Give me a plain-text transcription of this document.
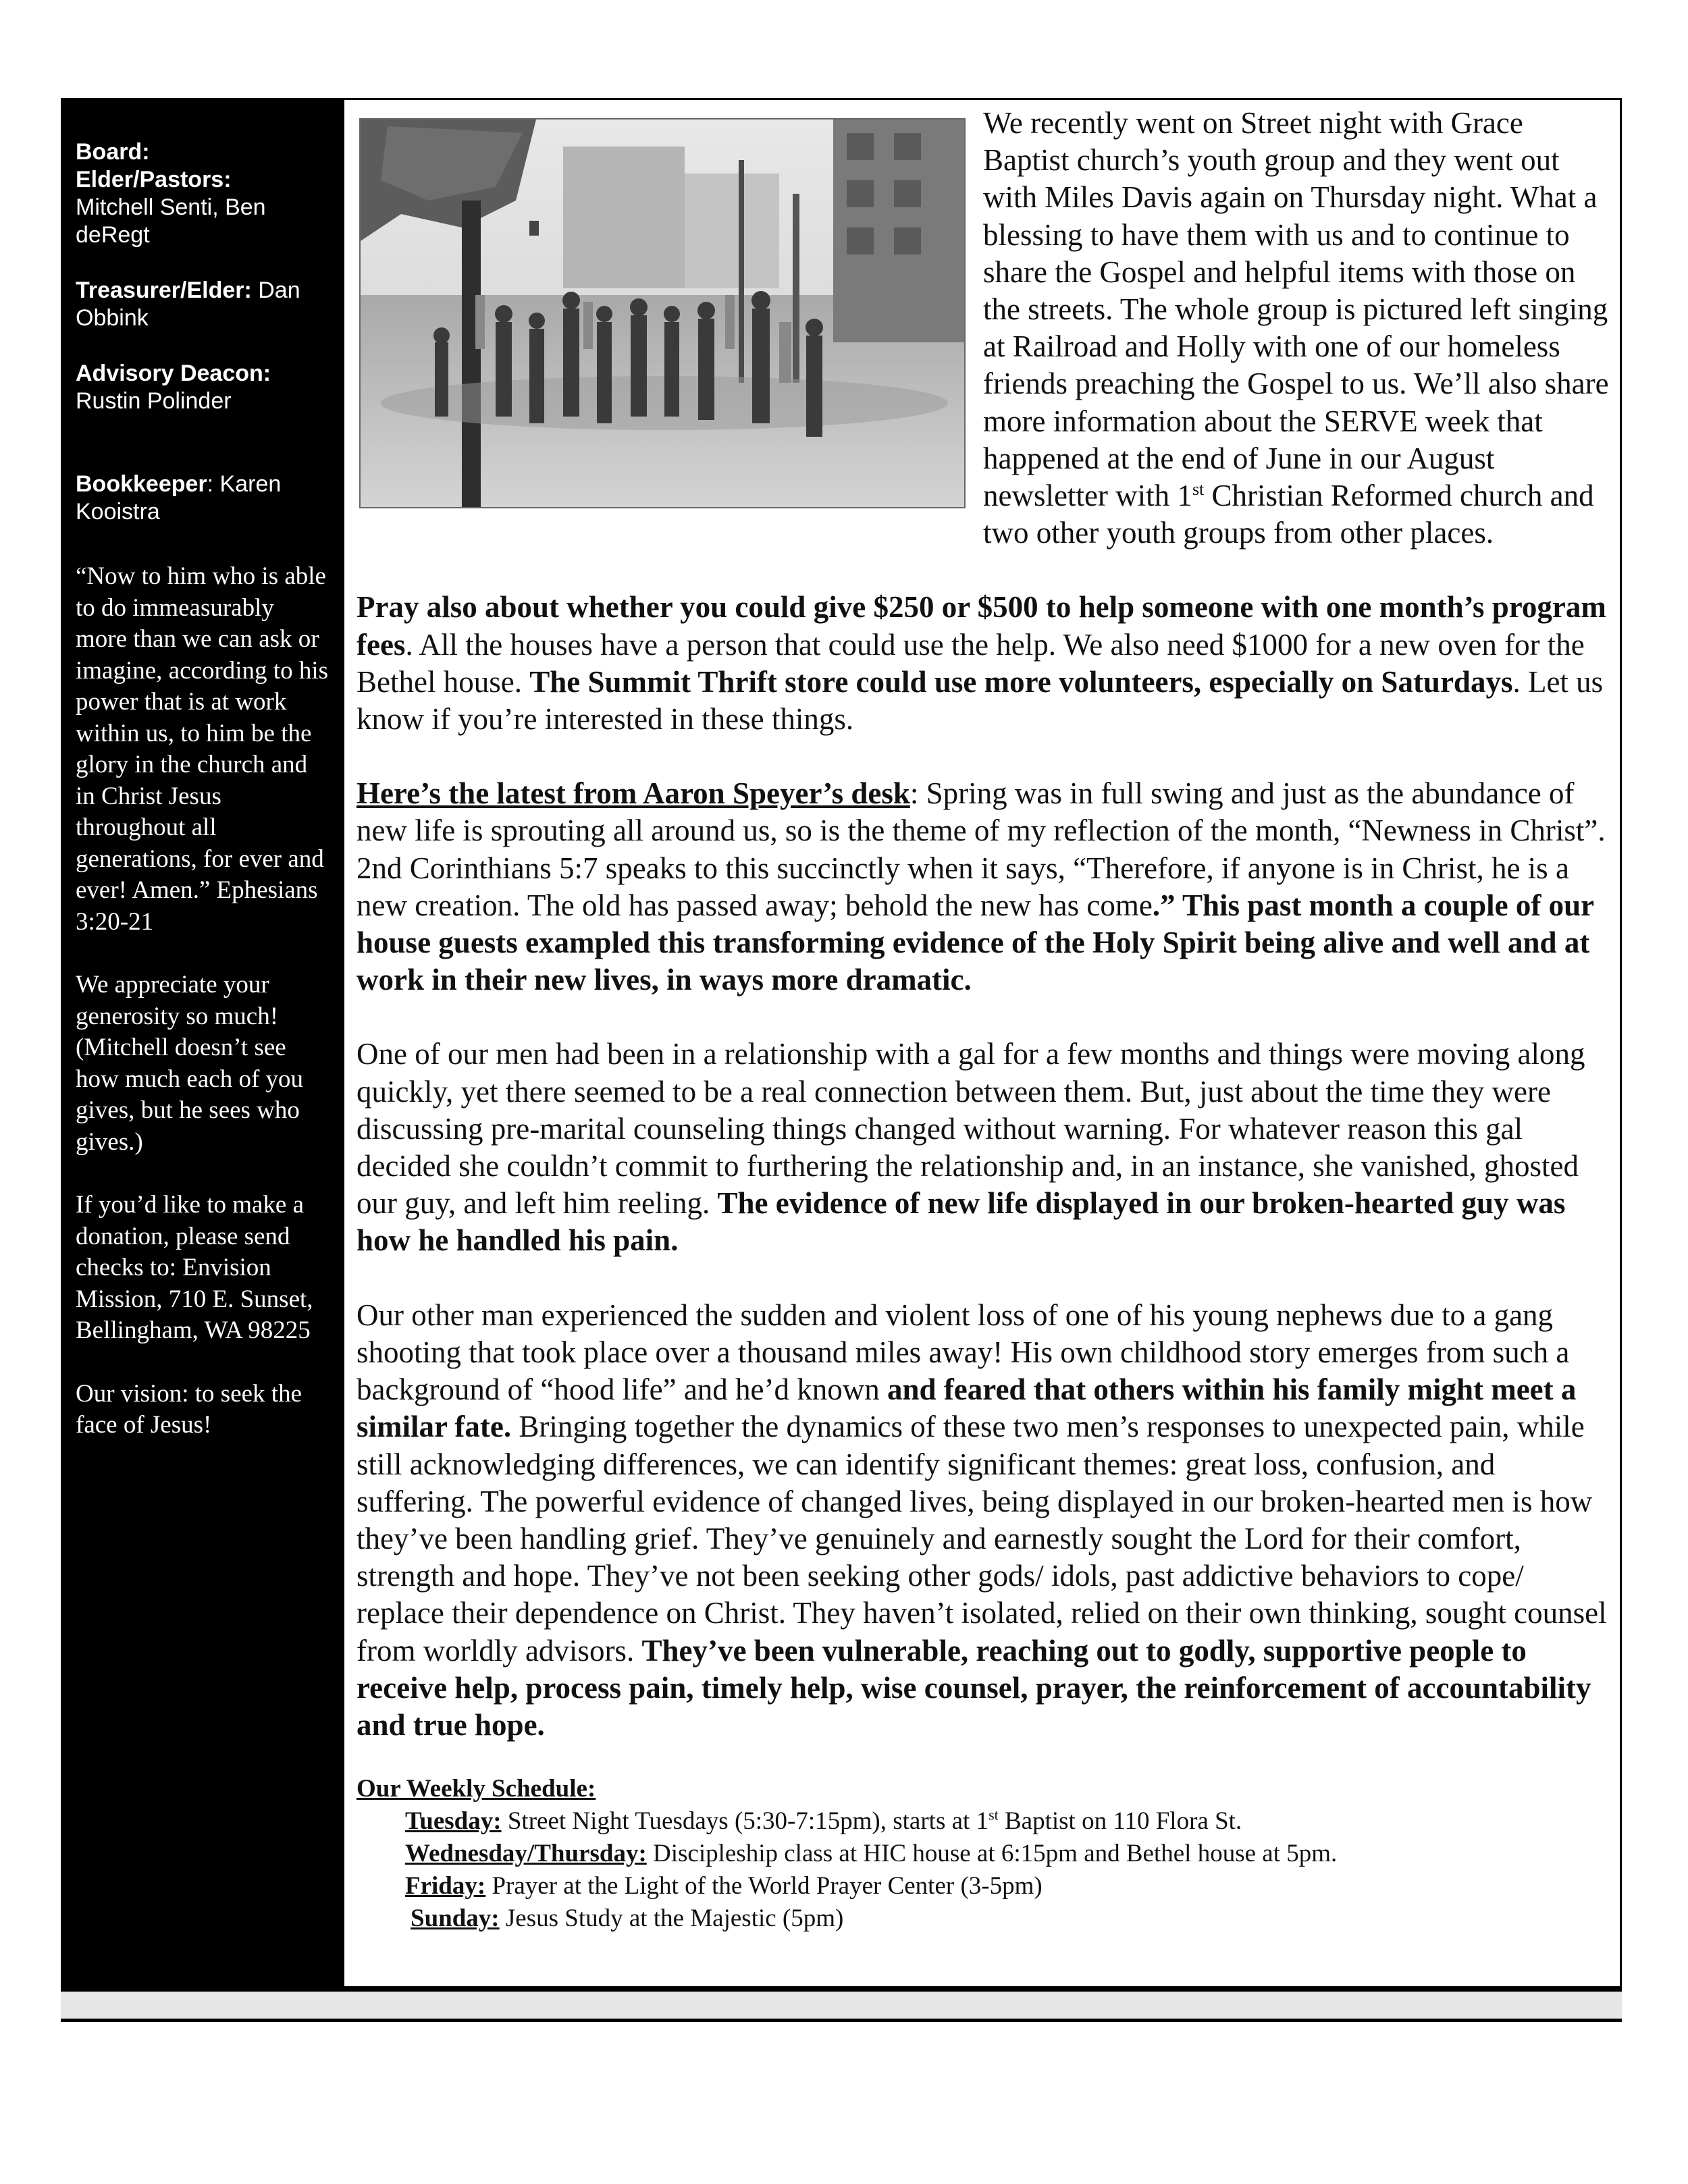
Board:
Elder/Pastors:
Mitchell Senti, Ben deRegt

Treasurer/Elder: Dan Obbink

Advisory Deacon:
Rustin Polinder

Bookkeeper: Karen Kooistra

“Now to him who is able to do immeasurably more than we can ask or imagine, according to his power that is at work within us, to him be the glory in the church and in Christ Jesus throughout all generations, for ever and ever! Amen.” Ephesians 3:20-21

We appreciate your generosity so much! (Mitchell doesn’t see how much each of you gives, but he sees who gives.)

If you’d like to make a donation, please send checks to: Envision Mission, 710 E. Sunset, Bellingham, WA 98225

Our vision: to seek the face of Jesus!

We recently went on Street night with Grace Baptist church’s youth group and they went out with Miles Davis again on Thursday night. What a blessing to have them with us and to continue to share the Gospel and helpful items with those on the streets. The whole group is pictured left singing at Railroad and Holly with one of our homeless friends preaching the Gospel to us. We’ll also share more information about the SERVE week that happened at the end of June in our August newsletter with 1st Christian Reformed church and two other youth groups from other places.

Pray also about whether you could give $250 or $500 to help someone with one month’s program fees. All the houses have a person that could use the help. We also need $1000 for a new oven for the Bethel house. The Summit Thrift store could use more volunteers, especially on Saturdays. Let us know if you’re interested in these things.

Here’s the latest from Aaron Speyer’s desk: Spring was in full swing and just as the abundance of new life is sprouting all around us, so is the theme of my reflection of the month, “Newness in Christ”. 2nd Corinthians 5:7 speaks to this succinctly when it says, “Therefore, if anyone is in Christ, he is a new creation. The old has passed away; behold the new has come.” This past month a couple of our house guests exampled this transforming evidence of the Holy Spirit being alive and well and at work in their new lives, in ways more dramatic.

One of our men had been in a relationship with a gal for a few months and things were moving along quickly, yet there seemed to be a real connection between them. But, just about the time they were discussing pre-marital counseling things changed without warning. For whatever reason this gal decided she couldn’t commit to furthering the relationship and, in an instance, she vanished, ghosted our guy, and left him reeling. The evidence of new life displayed in our broken-hearted guy was how he handled his pain.

Our other man experienced the sudden and violent loss of one of his young nephews due to a gang shooting that took place over a thousand miles away! His own childhood story emerges from such a background of “hood life” and he’d known and feared that others within his family might meet a similar fate. Bringing together the dynamics of these two men’s responses to unexpected pain, while still acknowledging differences, we can identify significant themes: great loss, confusion, and suffering. The powerful evidence of changed lives, being displayed in our broken-hearted men is how they’ve been handling grief. They’ve genuinely and earnestly sought the Lord for their comfort, strength and hope. They’ve not been seeking other gods/ idols, past addictive behaviors to cope/ replace their dependence on Christ. They haven’t isolated, relied on their own thinking, sought counsel from worldly advisors. They’ve been vulnerable, reaching out to godly, supportive people to receive help, process pain, timely help, wise counsel, prayer, the reinforcement of accountability and true hope.

Our Weekly Schedule:
Tuesday: Street Night Tuesdays (5:30-7:15pm), starts at 1st Baptist on 110 Flora St.
Wednesday/Thursday: Discipleship class at HIC house at 6:15pm and Bethel house at 5pm.
Friday: Prayer at the Light of the World Prayer Center (3-5pm)
Sunday: Jesus Study at the Majestic (5pm)
